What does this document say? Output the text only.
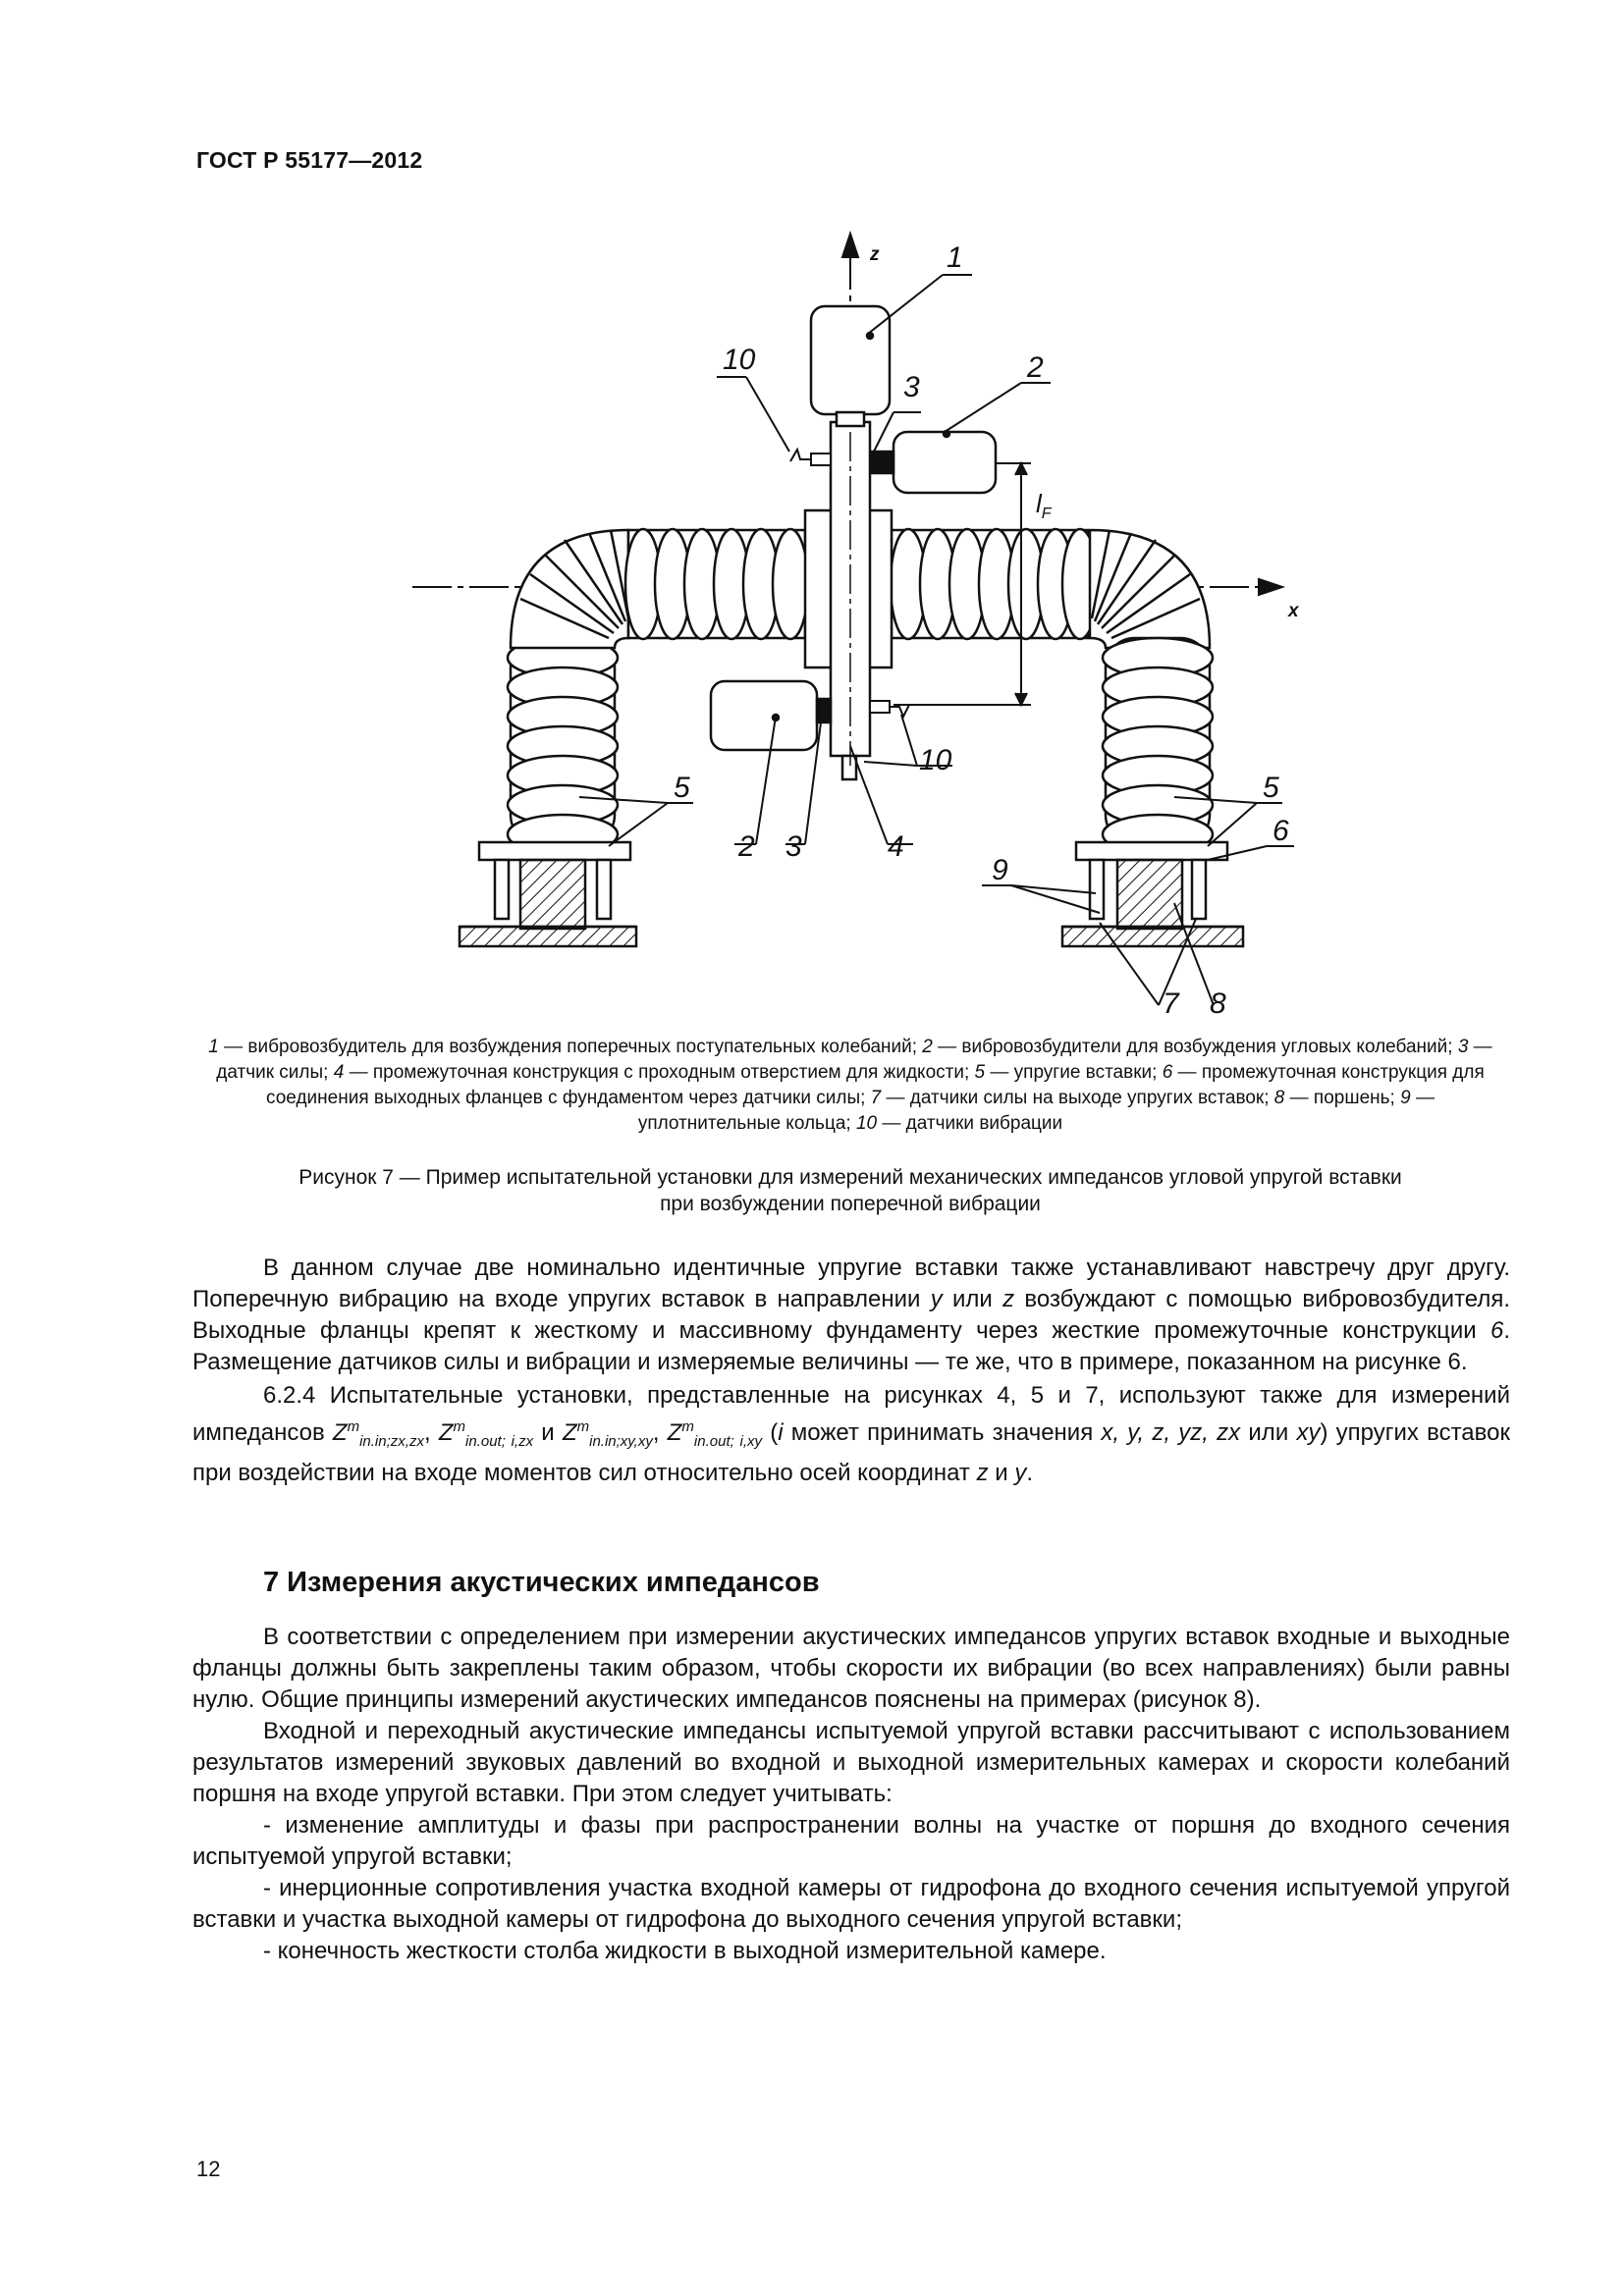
ГОСТ Р 55177—2012
z
x
$l_F$
1
2
3
10
10
2 3	4
5	5
6
9
7 8
1 — вибровозбудитель для возбуждения поперечных поступательных колебаний; 2 — вибровозбудители для возбуждения угловых колебаний; 3 — датчик силы; 4 — промежуточная конструкция с проходным отверстием для жидкости; 5 — упругие вставки; 6 — промежуточная конструкция для соединения выходных фланцев с фундаментом через датчики силы; 7 — датчики силы на выходе упругих вставок; 8 — поршень; 9 — уплотнительные кольца; 10 — датчики вибрации
Рисунок 7 — Пример испытательной установки для измерений механических импедансов угловой упругой вставки
при возбуждении поперечной вибрации

В данном случае две номинально идентичные упругие вставки также устанавливают навстречу друг другу. Поперечную вибрацию на входе упругих вставок в направлении y или z возбуждают с помощью вибровозбудителя. Выходные фланцы крепят к жесткому и массивному фундаменту через жесткие промежуточные конструкции 6. Размещение датчиков силы и вибрации и измеряемые величины — те же, что в примере, показанном на рисунке 6.

6.2.4 Испытательные установки, представленные на рисунках 4, 5 и 7, используют также для измерений импедансов $Z^m_{in.in;zx,zx}$, $Z^m_{in.out; i,zx}$ и $Z^m_{in.in;xy,xy}$, $Z^m_{in.out; i,xy}$ (i может принимать значения x, y, z, yz, zx или xy) упругих вставок при воздействии на входе моментов сил относительно осей координат z и y.

7 Измерения акустических импедансов

В соответствии с определением при измерении акустических импедансов упругих вставок входные и выходные фланцы должны быть закреплены таким образом, чтобы скорости их вибрации (во всех направлениях) были равны нулю. Общие принципы измерений акустических импедансов пояснены на примерах (рисунок 8).

Входной и переходный акустические импедансы испытуемой упругой вставки рассчитывают с использованием результатов измерений звуковых давлений во входной и выходной измерительных камерах и скорости колебаний поршня на входе упругой вставки. При этом следует учитывать:

- изменение амплитуды и фазы при распространении волны на участке от поршня до входного сечения испытуемой упругой вставки;

- инерционные сопротивления участка входной камеры от гидрофона до входного сечения испытуемой упругой вставки и участка выходной камеры от гидрофона до выходного сечения упругой вставки;

- конечность жесткости столба жидкости в выходной измерительной камере.

12
